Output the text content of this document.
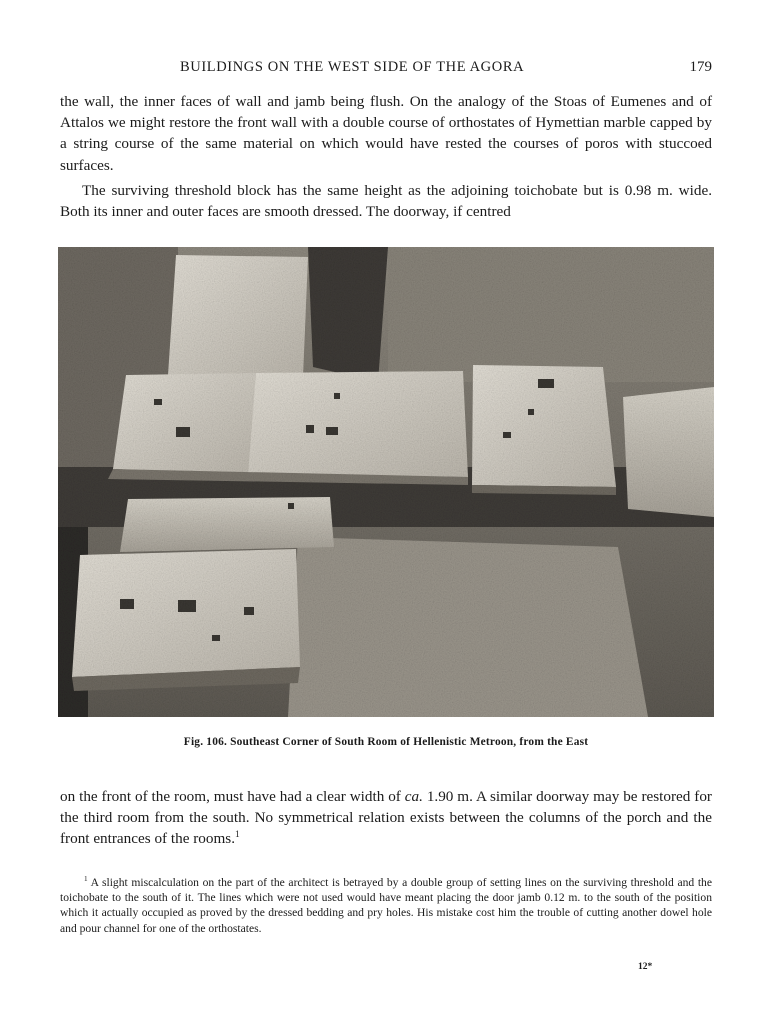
BUILDINGS ON THE WEST SIDE OF THE AGORA	179

the wall, the inner faces of wall and jamb being flush. On the analogy of the Stoas of Eumenes and of Attalos we might restore the front wall with a double course of orthostates of Hymettian marble capped by a string course of the same material on which would have rested the courses of poros with stuccoed surfaces.

The surviving threshold block has the same height as the adjoining toichobate but is 0.98 m. wide. Both its inner and outer faces are smooth dressed. The doorway, if centred

Fig. 106. Southeast Corner of South Room of Hellenistic Metroon, from the East

on the front of the room, must have had a clear width of ca. 1.90 m. A similar doorway may be restored for the third room from the south. No symmetrical relation exists between the columns of the porch and the front entrances of the rooms.$^1$

$^1$ A slight miscalculation on the part of the architect is betrayed by a double group of setting lines on the surviving threshold and the toichobate to the south of it. The lines which were not used would have meant placing the door jamb 0.12 m. to the south of the position which it actually occupied as proved by the dressed bedding and pry holes. His mistake cost him the trouble of cutting another dowel hole and pour channel for one of the orthostates.

12*
